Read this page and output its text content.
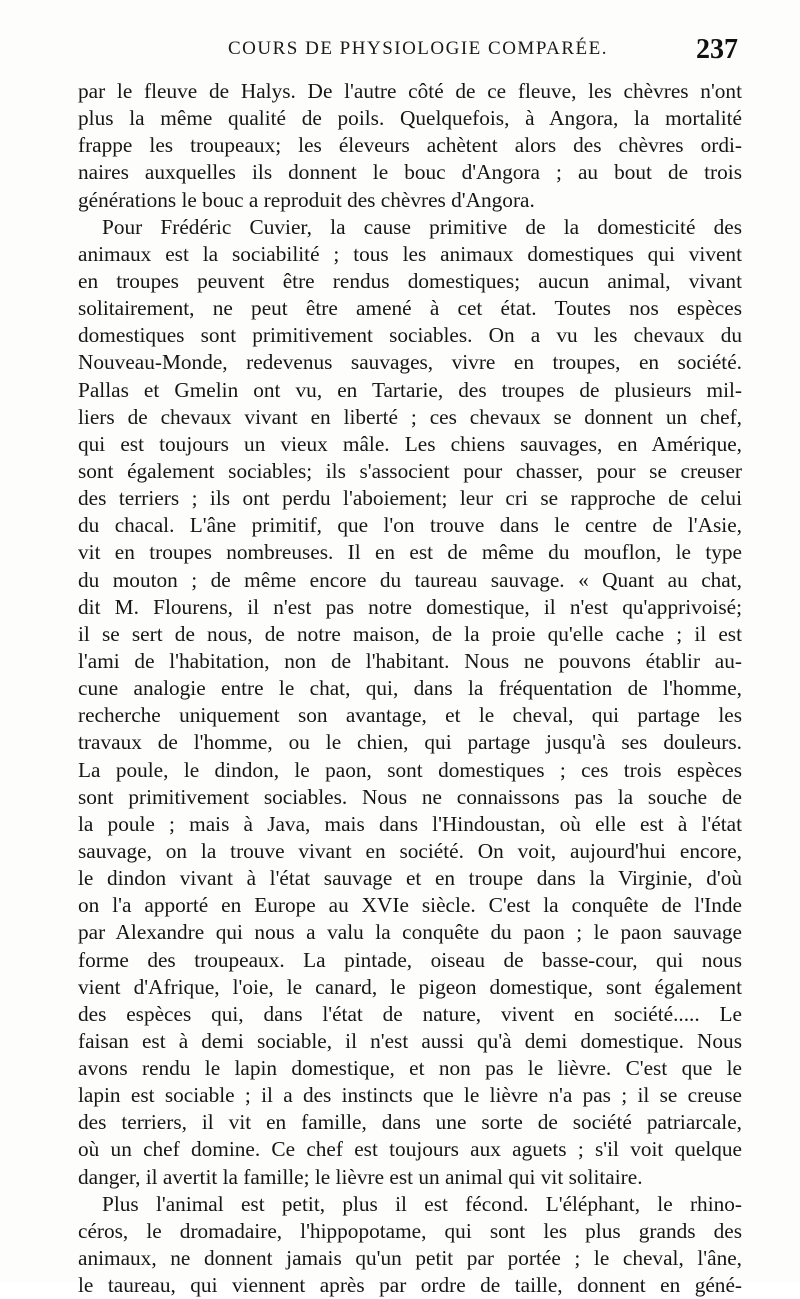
COURS DE PHYSIOLOGIE COMPARÉE.	237
par le fleuve de Halys. De l'autre côté de ce fleuve, les chèvres n'ont
plus la même qualité de poils. Quelquefois, à Angora, la mortalité
frappe les troupeaux; les éleveurs achètent alors des chèvres ordi-
naires auxquelles ils donnent le bouc d'Angora ; au bout de trois
générations le bouc a reproduit des chèvres d'Angora.
Pour Frédéric Cuvier, la cause primitive de la domesticité des
animaux est la sociabilité ; tous les animaux domestiques qui vivent
en troupes peuvent être rendus domestiques; aucun animal, vivant
solitairement, ne peut être amené à cet état. Toutes nos espèces
domestiques sont primitivement sociables. On a vu les chevaux du
Nouveau-Monde, redevenus sauvages, vivre en troupes, en société.
Pallas et Gmelin ont vu, en Tartarie, des troupes de plusieurs mil-
liers de chevaux vivant en liberté ; ces chevaux se donnent un chef,
qui est toujours un vieux mâle. Les chiens sauvages, en Amérique,
sont également sociables; ils s'associent pour chasser, pour se creuser
des terriers ; ils ont perdu l'aboiement; leur cri se rapproche de celui
du chacal. L'âne primitif, que l'on trouve dans le centre de l'Asie,
vit en troupes nombreuses. Il en est de même du mouflon, le type
du mouton ; de même encore du taureau sauvage. « Quant au chat,
dit M. Flourens, il n'est pas notre domestique, il n'est qu'apprivoisé;
il se sert de nous, de notre maison, de la proie qu'elle cache ; il est
l'ami de l'habitation, non de l'habitant. Nous ne pouvons établir au-
cune analogie entre le chat, qui, dans la fréquentation de l'homme,
recherche uniquement son avantage, et le cheval, qui partage les
travaux de l'homme, ou le chien, qui partage jusqu'à ses douleurs.
La poule, le dindon, le paon, sont domestiques ; ces trois espèces
sont primitivement sociables. Nous ne connaissons pas la souche de
la poule ; mais à Java, mais dans l'Hindoustan, où elle est à l'état
sauvage, on la trouve vivant en société. On voit, aujourd'hui encore,
le dindon vivant à l'état sauvage et en troupe dans la Virginie, d'où
on l'a apporté en Europe au XVIe siècle. C'est la conquête de l'Inde
par Alexandre qui nous a valu la conquête du paon ; le paon sauvage
forme des troupeaux. La pintade, oiseau de basse-cour, qui nous
vient d'Afrique, l'oie, le canard, le pigeon domestique, sont également
des espèces qui, dans l'état de nature, vivent en société..... Le
faisan est à demi sociable, il n'est aussi qu'à demi domestique. Nous
avons rendu le lapin domestique, et non pas le lièvre. C'est que le
lapin est sociable ; il a des instincts que le lièvre n'a pas ; il se creuse
des terriers, il vit en famille, dans une sorte de société patriarcale,
où un chef domine. Ce chef est toujours aux aguets ; s'il voit quelque
danger, il avertit la famille; le lièvre est un animal qui vit solitaire.
Plus l'animal est petit, plus il est fécond. L'éléphant, le rhino-
céros, le dromadaire, l'hippopotame, qui sont les plus grands des
animaux, ne donnent jamais qu'un petit par portée ; le cheval, l'âne,
le taureau, qui viennent après par ordre de taille, donnent en géné-
